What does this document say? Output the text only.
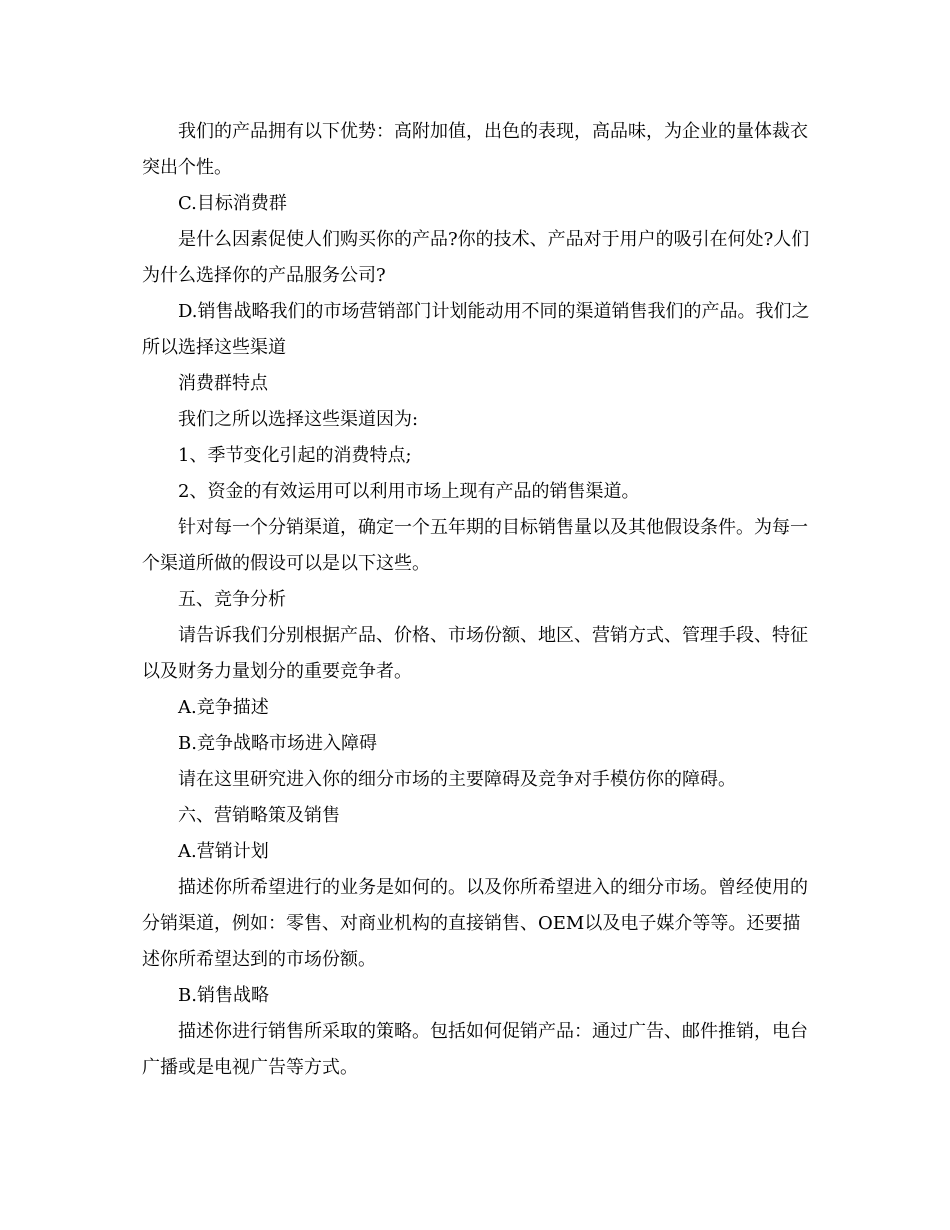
我们的产品拥有以下优势：高附加值，出色的表现，高品味，为企业的量体裁衣突出个性。

C.目标消费群

是什么因素促使人们购买你的产品?你的技术、产品对于用户的吸引在何处?人们为什么选择你的产品服务公司?

D.销售战略我们的市场营销部门计划能动用不同的渠道销售我们的产品。我们之所以选择这些渠道

消费群特点

我们之所以选择这些渠道因为:

1、季节变化引起的消费特点;

2、资金的有效运用可以利用市场上现有产品的销售渠道。

针对每一个分销渠道，确定一个五年期的目标销售量以及其他假设条件。为每一个渠道所做的假设可以是以下这些。

五、竞争分析

请告诉我们分别根据产品、价格、市场份额、地区、营销方式、管理手段、特征以及财务力量划分的重要竞争者。

A.竞争描述

B.竞争战略市场进入障碍

请在这里研究进入你的细分市场的主要障碍及竞争对手模仿你的障碍。

六、营销略策及销售

A.营销计划

描述你所希望进行的业务是如何的。以及你所希望进入的细分市场。曾经使用的分销渠道，例如：零售、对商业机构的直接销售、OEM以及电子媒介等等。还要描述你所希望达到的市场份额。

B.销售战略

描述你进行销售所采取的策略。包括如何促销产品：通过广告、邮件推销，电台广播或是电视广告等方式。
